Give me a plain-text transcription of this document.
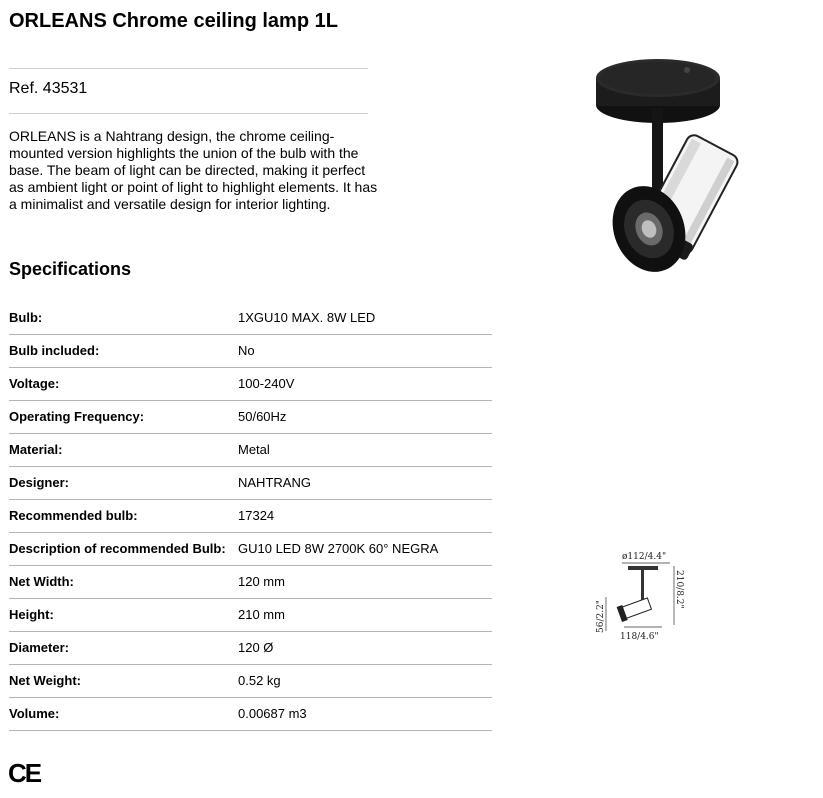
ORLEANS Chrome ceiling lamp 1L
Ref. 43531

ORLEANS is a Nahtrang design, the chrome ceiling-mounted version highlights the union of the bulb with the base. The beam of light can be directed, making it perfect as ambient light or point of light to highlight elements. It has a minimalist and versatile design for interior lighting.

Specifications
Bulb:	1XGU10 MAX. 8W LED
Bulb included:	No
Voltage:	100-240V
Operating Frequency:	50/60Hz
Material:	Metal
Designer:	NAHTRANG
Recommended bulb:	17324
Description of recommended Bulb: GU10 LED 8W 2700K 60° NEGRA
Net Width:	120 mm
Height:	210 mm
Diameter:	120 Ø
Net Weight:	0.52 kg
Volume:	0.00687 m3
CE
ø112/4.4"
210/8.2"
56/2.2"
118/4.6"
